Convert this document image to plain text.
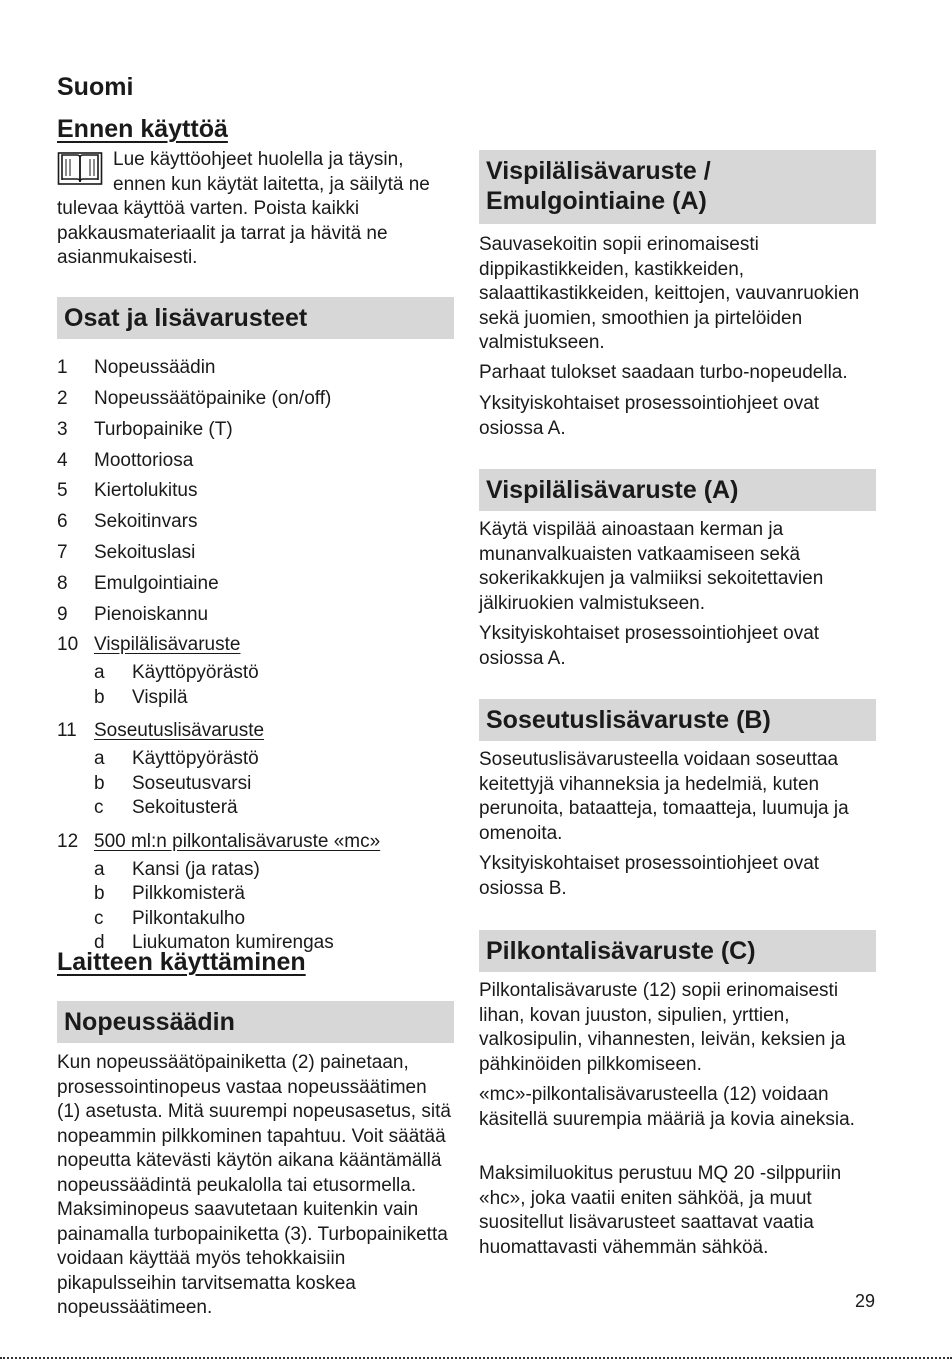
Suomi
Ennen käyttöä

Lue käyttöohjeet huolella ja täysin, ennen kun käytät laitetta, ja säilytä ne tulevaa käyttöä varten. Poista kaikki pakkausmateriaalit ja tarrat ja hävitä ne asianmukaisesti.

Osat ja lisävarusteet
1	Nopeussäädin
2	Nopeussäätöpainike (on/off)
3	Turbopainike (T)
4	Moottoriosa
5	Kiertolukitus
6	Sekoitinvars
7	Sekoituslasi
8	Emulgointiaine
9	Pienoiskannu
10 Vispilälisävaruste
a	Käyttöpyörästö
b	Vispilä
11 Soseutuslisävaruste
a	Käyttöpyörästö
b	Soseutusvarsi
c	Sekoitusterä
12 500 ml:n pilkontalisävaruste «mc»
a	Kansi (ja ratas)
b	Pilkkomisterä
c	Pilkontakulho
d	Liukumaton kumirengas
Laitteen käyttäminen
Nopeussäädin

Kun nopeussäätöpainiketta (2) painetaan, prosessointinopeus vastaa nopeussäätimen (1) asetusta. Mitä suurempi nopeusasetus, sitä nopeammin pilkkominen tapahtuu. Voit säätää nopeutta kätevästi käytön aikana kääntämällä nopeussäädintä peukalolla tai etusormella. Maksiminopeus saavutetaan kuitenkin vain painamalla turbopainiketta (3). Turbopainiketta voidaan käyttää myös tehokkaisiin pikapulsseihin tarvitsematta koskea nopeussäätimeen.

Vispilälisävaruste / Emulgointiaine (A)

Sauvasekoitin sopii erinomaisesti dippikastikkeiden, kastikkeiden, salaattikastikkeiden, keittojen, vauvanruokien sekä juomien, smoothien ja pirtelöiden valmistukseen.

Parhaat tulokset saadaan turbo-nopeudella.

Yksityiskohtaiset prosessointiohjeet ovat osiossa A.

Vispilälisävaruste (A)

Käytä vispilää ainoastaan kerman ja munanvalkuaisten vatkaamiseen sekä sokerikakkujen ja valmiiksi sekoitettavien jälkiruokien valmistukseen.

Yksityiskohtaiset prosessointiohjeet ovat osiossa A.

Soseutuslisävaruste (B)

Soseutuslisävarusteella voidaan soseuttaa keitettyjä vihanneksia ja hedelmiä, kuten perunoita, bataatteja, tomaatteja, luumuja ja omenoita.

Yksityiskohtaiset prosessointiohjeet ovat osiossa B.

Pilkontalisävaruste (C)

Pilkontalisävaruste (12) sopii erinomaisesti lihan, kovan juuston, sipulien, yrttien, valkosipulin, vihannesten, leivän, keksien ja pähkinöiden pilkkomiseen.

«mc»-pilkontalisävarusteella (12) voidaan käsitellä suurempia määriä ja kovia aineksia.

Maksimiluokitus perustuu MQ 20 -silppuriin «hc», joka vaatii eniten sähköä, ja muut suositellut lisävarusteet saattavat vaatia huomattavasti vähemmän sähköä.

29
